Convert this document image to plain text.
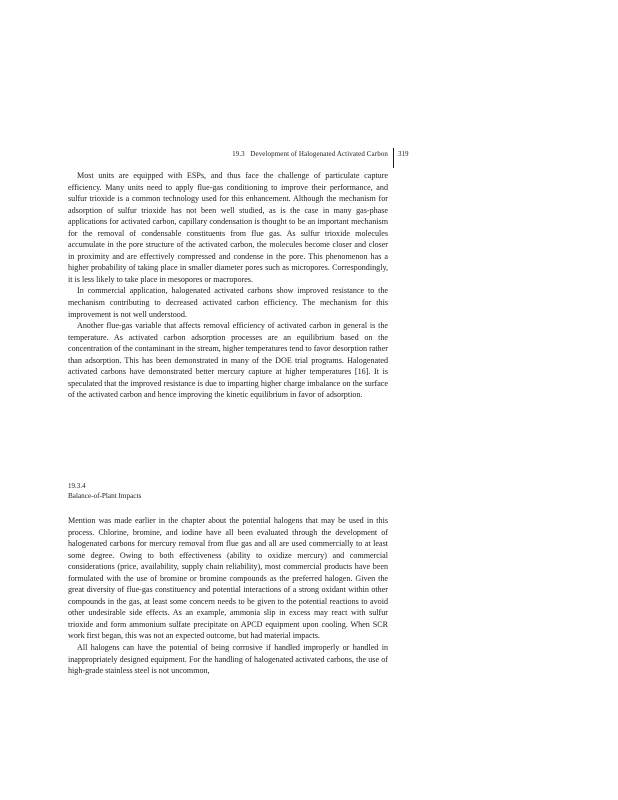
19.3 Development of Halogenated Activated Carbon 319

Most units are equipped with ESPs, and thus face the challenge of particulate capture efficiency. Many units need to apply flue-gas conditioning to improve their performance, and sulfur trioxide is a common technology used for this enhancement. Although the mechanism for adsorption of sulfur trioxide has not been well studied, as is the case in many gas-phase applications for activated carbon, capillary condensation is thought to be an important mechanism for the removal of condensable constituents from flue gas. As sulfur trioxide molecules accumulate in the pore structure of the activated carbon, the molecules become closer and closer in proximity and are effectively compressed and condense in the pore. This phenomenon has a higher probability of taking place in smaller diameter pores such as micropores. Correspondingly, it is less likely to take place in mesopores or macropores.

In commercial application, halogenated activated carbons show improved resistance to the mechanism contributing to decreased activated carbon efficiency. The mechanism for this improvement is not well understood.

Another flue-gas variable that affects removal efficiency of activated carbon in general is the temperature. As activated carbon adsorption processes are an equilibrium based on the concentration of the contaminant in the stream, higher temperatures tend to favor desorption rather than adsorption. This has been demonstrated in many of the DOE trial programs. Halogenated activated carbons have demonstrated better mercury capture at higher temperatures [16]. It is speculated that the improved resistance is due to imparting higher charge imbalance on the surface of the activated carbon and hence improving the kinetic equilibrium in favor of adsorption.

19.3.4
Balance-of-Plant Impacts

Mention was made earlier in the chapter about the potential halogens that may be used in this process. Chlorine, bromine, and iodine have all been evaluated through the development of halogenated carbons for mercury removal from flue gas and all are used commercially to at least some degree. Owing to both effectiveness (ability to oxidize mercury) and commercial considerations (price, availability, supply chain reliability), most commercial products have been formulated with the use of bromine or bromine compounds as the preferred halogen. Given the great diversity of flue-gas constituency and potential interactions of a strong oxidant within other compounds in the gas, at least some concern needs to be given to the potential reactions to avoid other undesirable side effects. As an example, ammonia slip in excess may react with sulfur trioxide and form ammonium sulfate precipitate on APCD equipment upon cooling. When SCR work first began, this was not an expected outcome, but had material impacts.

All halogens can have the potential of being corrosive if handled improperly or handled in inappropriately designed equipment. For the handling of halogenated activated carbons, the use of high-grade stainless steel is not uncommon,
